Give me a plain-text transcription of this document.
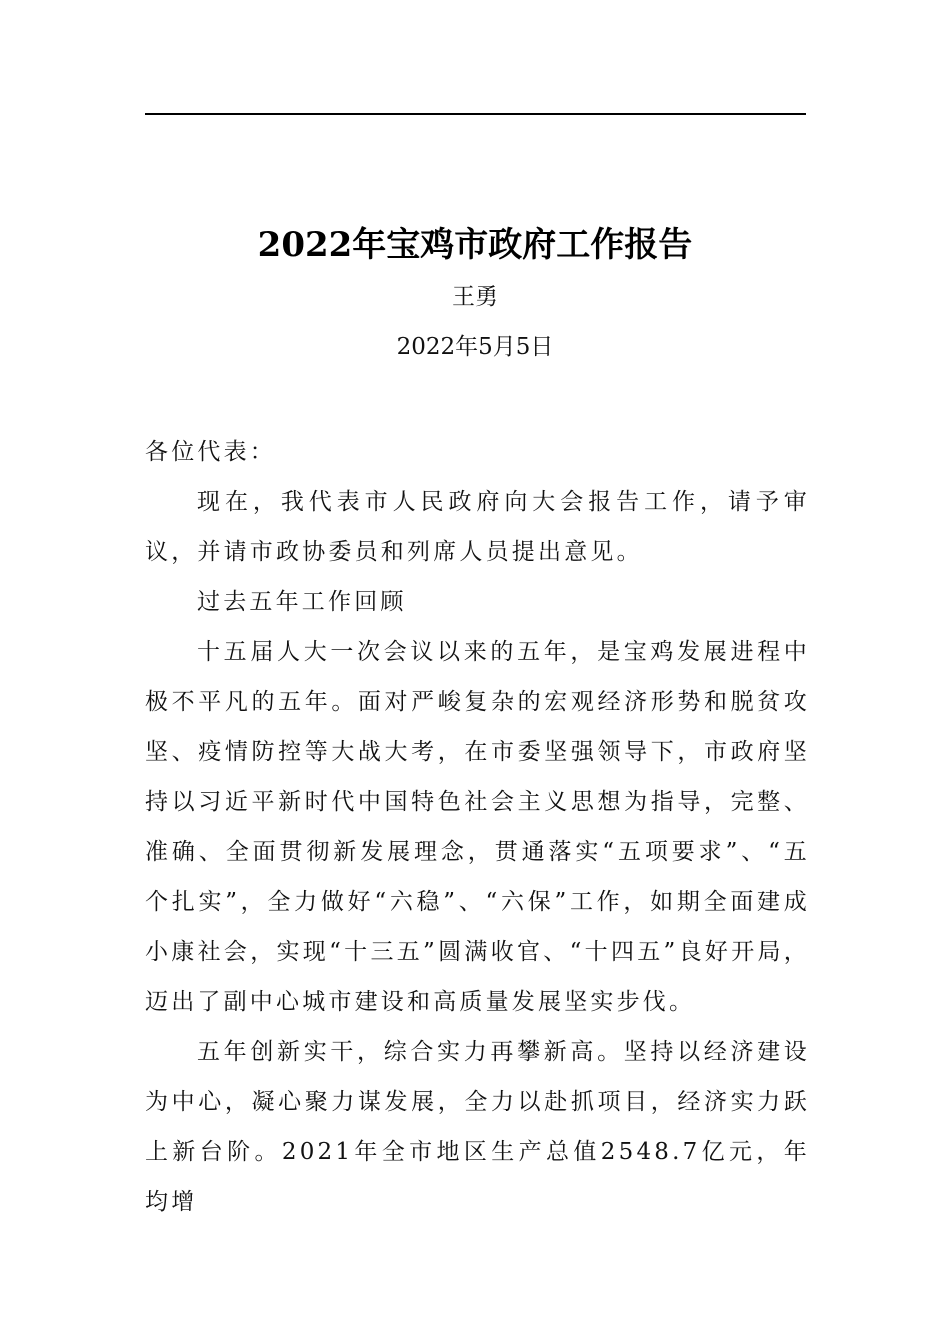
2022年宝鸡市政府工作报告
王勇
2022年5月5日

各位代表：

现在，我代表市人民政府向大会报告工作，请予审议，并请市政协委员和列席人员提出意见。

过去五年工作回顾

十五届人大一次会议以来的五年，是宝鸡发展进程中极不平凡的五年。面对严峻复杂的宏观经济形势和脱贫攻坚、疫情防控等大战大考，在市委坚强领导下，市政府坚持以习近平新时代中国特色社会主义思想为指导，完整、准确、全面贯彻新发展理念，贯通落实“五项要求”、“五个扎实”，全力做好“六稳”、“六保”工作，如期全面建成小康社会，实现“十三五”圆满收官、“十四五”良好开局，迈出了副中心城市建设和高质量发展坚实步伐。

五年创新实干，综合实力再攀新高。坚持以经济建设为中心，凝心聚力谋发展，全力以赴抓项目，经济实力跃上新台阶。2021年全市地区生产总值2548.7亿元，年均增
